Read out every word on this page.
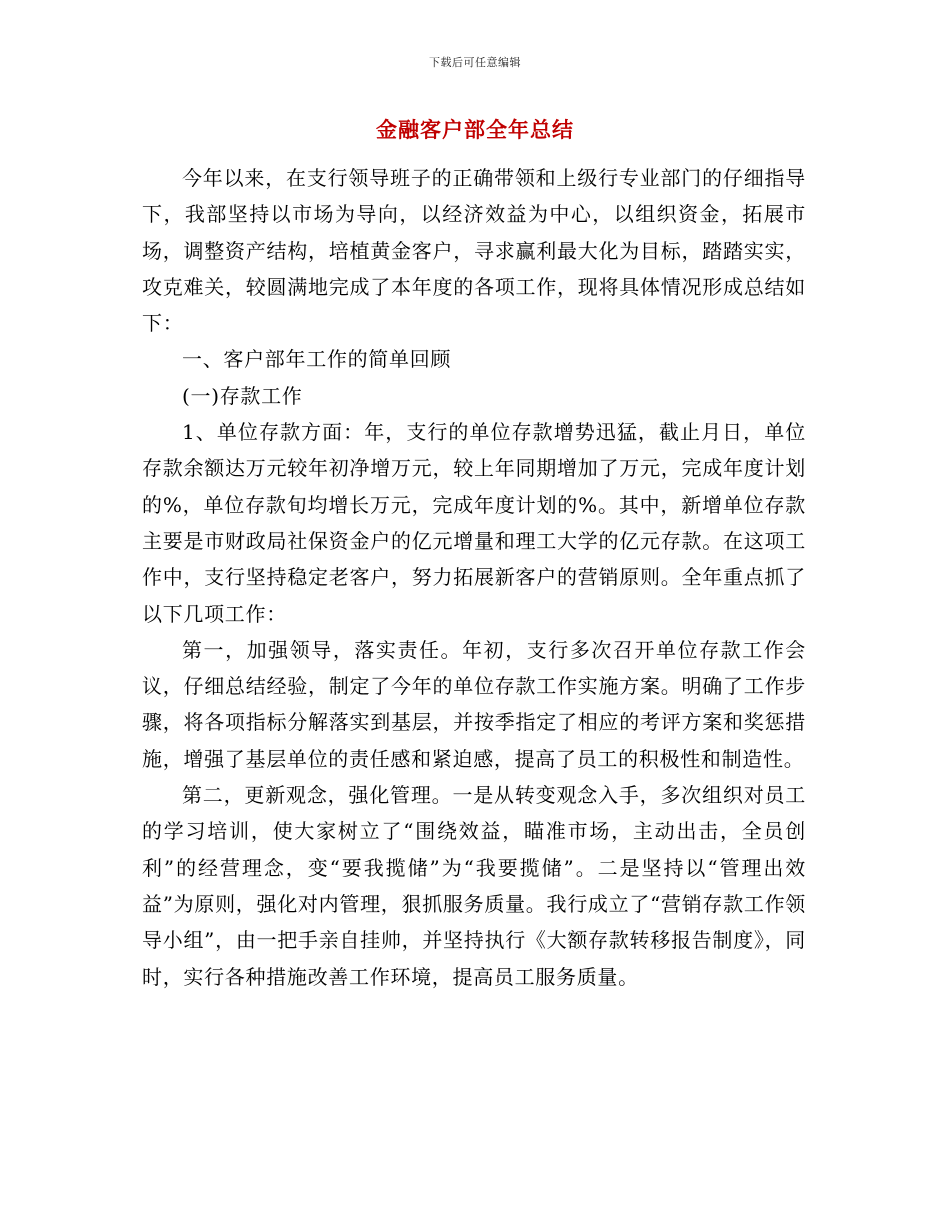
下载后可任意编辑
金融客户部全年总结

今年以来，在支行领导班子的正确带领和上级行专业部门的仔细指导下，我部坚持以市场为导向，以经济效益为中心，以组织资金，拓展市场，调整资产结构，培植黄金客户，寻求赢利最大化为目标，踏踏实实，攻克难关，较圆满地完成了本年度的各项工作，现将具体情况形成总结如下：

一、客户部年工作的简单回顾

(一)存款工作

1、单位存款方面：年，支行的单位存款增势迅猛，截止月日，单位存款余额达万元较年初净增万元，较上年同期增加了万元，完成年度计划的%，单位存款旬均增长万元，完成年度计划的%。其中，新增单位存款主要是市财政局社保资金户的亿元增量和理工大学的亿元存款。在这项工作中，支行坚持稳定老客户，努力拓展新客户的营销原则。全年重点抓了以下几项工作：

第一，加强领导，落实责任。年初，支行多次召开单位存款工作会议，仔细总结经验，制定了今年的单位存款工作实施方案。明确了工作步骤，将各项指标分解落实到基层，并按季指定了相应的考评方案和奖惩措施，增强了基层单位的责任感和紧迫感，提高了员工的积极性和制造性。

第二，更新观念，强化管理。一是从转变观念入手，多次组织对员工的学习培训，使大家树立了“围绕效益，瞄准市场，主动出击，全员创利”的经营理念，变“要我揽储”为“我要揽储”。二是坚持以“管理出效益”为原则，强化对内管理，狠抓服务质量。我行成立了“营销存款工作领导小组”，由一把手亲自挂帅，并坚持执行《大额存款转移报告制度》，同时，实行各种措施改善工作环境，提高员工服务质量。
